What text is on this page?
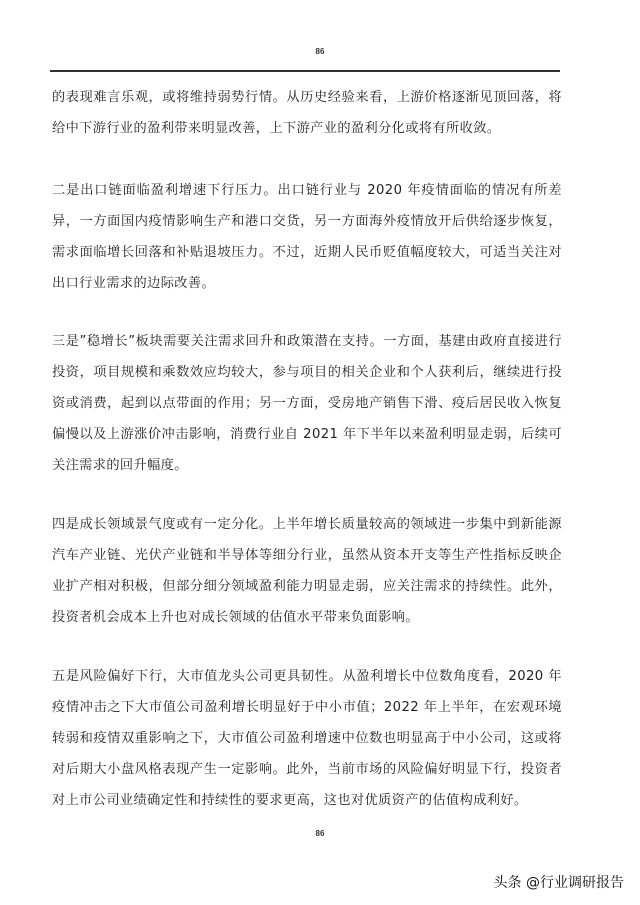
86
的表现难言乐观，或将维持弱势行情。从历史经验来看，上游价格逐渐见顶回落，将给中下游行业的盈利带来明显改善，上下游产业的盈利分化或将有所收敛。
二是出口链面临盈利增速下行压力。出口链行业与 2020 年疫情面临的情况有所差异，一方面国内疫情影响生产和港口交货，另一方面海外疫情放开后供给逐步恢复，需求面临增长回落和补贴退坡压力。不过，近期人民币贬值幅度较大，可适当关注对出口行业需求的边际改善。
三是”稳增长”板块需要关注需求回升和政策潜在支持。一方面，基建由政府直接进行投资，项目规模和乘数效应均较大，参与项目的相关企业和个人获利后，继续进行投资或消费，起到以点带面的作用；另一方面，受房地产销售下滑、疫后居民收入恢复偏慢以及上游涨价冲击影响，消费行业自 2021 年下半年以来盈利明显走弱，后续可关注需求的回升幅度。
四是成长领域景气度或有一定分化。上半年增长质量较高的领域进一步集中到新能源汽车产业链、光伏产业链和半导体等细分行业，虽然从资本开支等生产性指标反映企业扩产相对积极，但部分细分领域盈利能力明显走弱，应关注需求的持续性。此外，投资者机会成本上升也对成长领域的估值水平带来负面影响。
五是风险偏好下行，大市值龙头公司更具韧性。从盈利增长中位数角度看，2020 年疫情冲击之下大市值公司盈利增长明显好于中小市值；2022 年上半年，在宏观环境转弱和疫情双重影响之下，大市值公司盈利增速中位数也明显高于中小公司，这或将对后期大小盘风格表现产生一定影响。此外，当前市场的风险偏好明显下行，投资者对上市公司业绩确定性和持续性的要求更高，这也对优质资产的估值构成利好。
86
头条 @行业调研报告
